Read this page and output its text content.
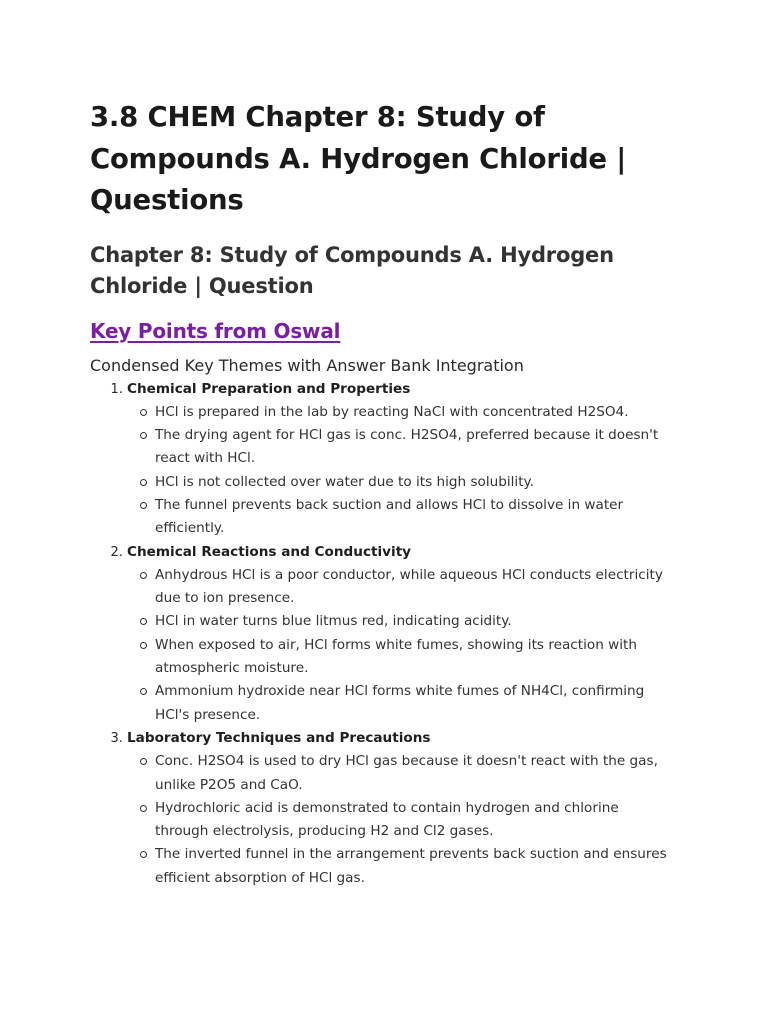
3.8 CHEM Chapter 8: Study of Compounds A. Hydrogen Chloride | Questions
Chapter 8: Study of Compounds A. Hydrogen Chloride | Question
Key Points from Oswal

Condensed Key Themes with Answer Bank Integration

1. Chemical Preparation and Properties
HCl is prepared in the lab by reacting NaCl with concentrated H2SO4.
The drying agent for HCl gas is conc. H2SO4, preferred because it doesn't react with HCl.
HCl is not collected over water due to its high solubility.
The funnel prevents back suction and allows HCl to dissolve in water efficiently.
2. Chemical Reactions and Conductivity
Anhydrous HCl is a poor conductor, while aqueous HCl conducts electricity due to ion presence.
HCl in water turns blue litmus red, indicating acidity.
When exposed to air, HCl forms white fumes, showing its reaction with atmospheric moisture.
Ammonium hydroxide near HCl forms white fumes of NH4Cl, confirming HCl's presence.
3. Laboratory Techniques and Precautions
Conc. H2SO4 is used to dry HCl gas because it doesn't react with the gas, unlike P2O5 and CaO.
Hydrochloric acid is demonstrated to contain hydrogen and chlorine through electrolysis, producing H2 and Cl2 gases.
The inverted funnel in the arrangement prevents back suction and ensures efficient absorption of HCl gas.
